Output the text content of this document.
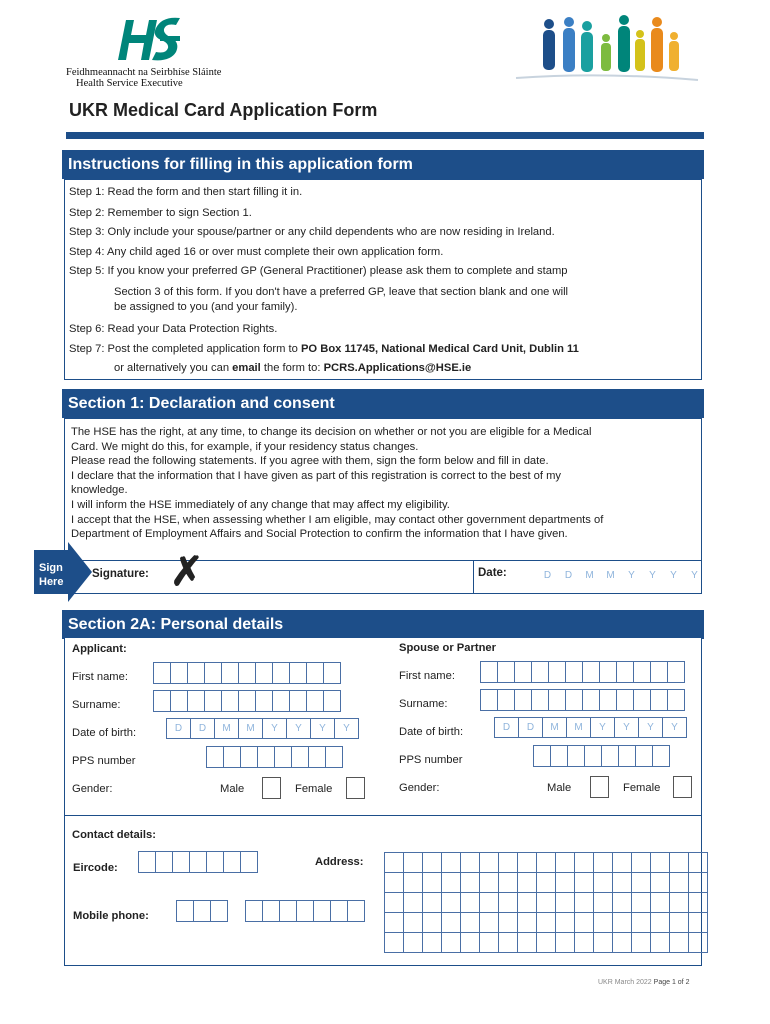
Feidhmeannacht na Seirbhíse Sláinte
Health Service Executive
UKR Medical Card Application Form
Instructions for filling in this application form
Step 1: Read the form and then start filling it in.
Step 2: Remember to sign Section 1.
Step 3: Only include your spouse/partner or any child dependents who are now residing in Ireland.
Step 4: Any child aged 16 or over must complete their own application form.
Step 5: If you know your preferred GP (General Practitioner) please ask them to complete and stamp
Section 3 of this form. If you don't have a preferred GP, leave that section blank and one will
be assigned to you (and your family).
Step 6: Read your Data Protection Rights.
Step 7: Post the completed application form to PO Box 11745, National Medical Card Unit, Dublin 11
or alternatively you can email the form to: PCRS.Applications@HSE.ie
Section 1: Declaration and consent
The HSE has the right, at any time, to change its decision on whether or not you are eligible for a Medical
Card. We might do this, for example, if your residency status changes.
Please read the following statements. If you agree with them, sign the form below and fill in date.
I declare that the information that I have given as part of this registration is correct to the best of my
knowledge.
I will inform the HSE immediately of any change that may affect my eligibility.
I accept that the HSE, when assessing whether I am eligible, may contact other government departments of
Department of Employment Affairs and Social Protection to confirm the information that I have given.
Sign
Here
Signature: ✗	Date:	D	D	M	M	Y	Y	Y	Y
Section 2A: Personal details
Applicant:	Spouse or Partner
First name:
Surname:
Date of birth:	D	D	M	M	Y	Y	Y	Y
PPS number
Gender:	Male	Female
First name:
Surname:
Date of birth:	D	D	M	M	Y	Y	Y	Y
PPS number
Gender:	Male	Female
Contact details:
Eircode:	Address:

Mobile phone:
UKR March 2022 Page 1 of 2
